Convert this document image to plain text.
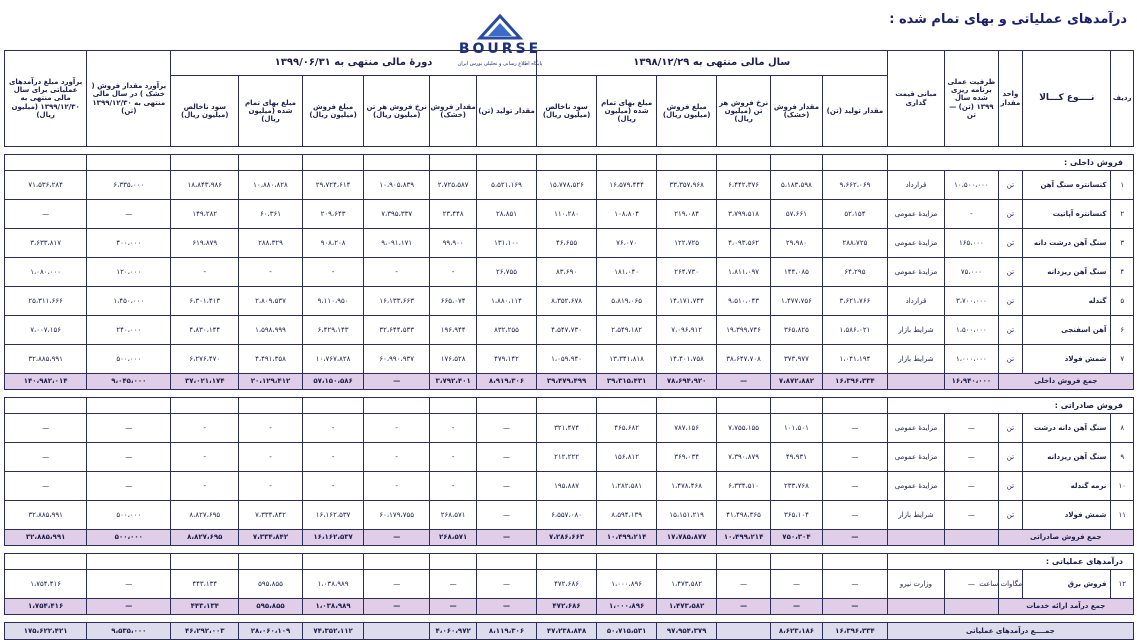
BOURSE
پایگاه اطلاع رسانی و تحلیلی بورس ایران
درآمدهای عملیاتی و بهای تمام شده :
ردیف	نــــوع کـــالا	واحد مقدار	ظرفیت عملی برنامه ریزی شده سال ۱۳۹۹ (تن) — تن	مبانی قیمت گذاری	سال مالی منتهی به ۱۳۹۸/۱۲/۲۹						دورهٔ مالی منتهی به ۱۳۹۹/۰۶/۳۱						برآورد مقدار فروش ( خشک ) در سال مالی منتهی به ۱۳۹۹/۱۲/۳۰ (تن)	برآورد مبلغ درآمدهای عملیاتی برای سال مالی منتهی به ۱۳۹۹/۱۲/۳۰ (میلیون ریال)
					مقدار تولید (تن)	مقدار فروش (خشک)	نرخ فروش هر تن (میلیون ریال)	مبلغ فروش (میلیون ریال)	مبلغ بهای تمام شده (میلیون ریال)	سود ناخالص (میلیون ریال)	مقدار تولید (تن)	مقدار فروش (خشک)	نرخ فروش هر تن (میلیون ریال)	مبلغ فروش (میلیون ریال)	مبلغ بهای تمام شده (میلیون ریال)	سود ناخالص (میلیون ریال)		

فروش داخلی :																		
۱	کنسانتره سنگ آهن	تن	۱۰،۵۰۰،۰۰۰	قرارداد	۹،۶۶۲،۰۶۹	۵،۱۸۳،۵۹۸	۶،۴۴۲،۳۷۶	۳۳،۳۵۷،۹۶۸	۱۶،۵۷۹،۴۴۴	۱۵،۷۷۸،۵۲۶	۵،۵۲۱،۱۶۹	۲،۷۲۵،۵۸۷	۱۰،۹۰۵،۸۳۹	۲۹،۷۲۴،۶۱۴	۱۰،۸۸۰،۸۲۸	۱۸،۸۴۳،۹۸۶	۶،۳۳۵،۰۰۰	۷۱،۵۳۶،۲۸۴
۲	کنسانتره آپاتیت	تن	-	مزایدهٔ عمومی	۵۲،۱۵۴	۵۷،۶۶۱	۳،۷۹۹،۵۱۸	۲۱۹،۰۸۴	۱۰۸،۸۰۴	۱۱۰،۲۸۰	۲۸،۸۵۱	۲۳،۴۴۸	۷،۳۹۵،۳۳۷	۲۰۹،۶۴۳	۶۰،۳۶۱	۱۴۹،۲۸۲	—	—
۳	سنگ آهن درشت دانه	تن	۱۶۵،۰۰۰	مزایدهٔ عمومی	۲۸۸،۷۲۵	۲۹،۹۸۰	۴،۰۹۳،۵۶۲	۱۲۲،۷۲۵	۷۶،۰۷۰	۴۶،۶۵۵	۱۳۱،۱۰۰	۹۹،۹۰۰	۹،۰۹۱،۱۷۱	۹۰۸،۲۰۸	۲۸۸،۳۲۹	۶۱۹،۸۷۹	۴۰۰،۰۰۰	۳،۶۳۳،۸۱۷
۴	سنگ آهن ریزدانه	تن	۷۵،۰۰۰	مزایدهٔ عمومی	۶۴،۲۹۵	۱۴۴،۰۸۵	۱،۸۱۱،۰۹۷	۲۶۴،۷۳۰	۱۸۱،۰۴۰	۸۳،۶۹۰	۲۶،۷۵۵	-	-	-	-	-	۱۲۰،۰۰۰	۱،۰۸۰،۰۰۰
۵	گندله	تن	۳،۷۰۰،۰۰۰	قرارداد	۳،۶۲۱،۷۶۶	۱،۴۷۷،۷۵۶	۹،۵۱۰،۰۴۳	۱۴،۱۷۱،۷۴۴	۵،۸۱۹،۰۶۵	۸،۳۵۲،۶۷۸	۱،۸۸۰،۱۱۴	۶۶۵،۰۷۴	۱۶،۱۳۳،۶۶۳	۹،۱۱۰،۹۵۰	۲،۸۰۹،۵۳۷	۶،۳۰۱،۴۱۳	۱،۴۵۰،۰۰۰	۲۵،۳۱۱،۶۶۶
۶	آهن اسفنجی	تن	۱،۵۰۰،۰۰۰	شرایط بازار	۱،۵۸۶،۰۲۱	۳۶۵،۸۲۵	۱۹،۳۹۹،۷۴۶	۷،۰۹۶،۹۱۲	۲،۵۴۹،۱۸۲	۴،۵۴۷،۷۳۰	۸۳۲،۲۵۵	۱۹۶،۹۴۴	۳۲،۶۴۴،۵۳۳	۶،۴۲۹،۱۴۳	۱،۵۹۸،۹۹۹	۴،۸۳۰،۱۴۴	۲۴۰،۰۰۰	۷،۰۰۷،۱۵۶
۷	شمش فولاد	تن	۱،۰۰۰،۰۰۰	شرایط بازار	۱،۰۴۱،۱۹۴	۳۷۳،۹۷۷	۳۸،۶۴۷،۷۰۸	۱۴،۴۰۱،۷۵۸	۱۳،۳۴۱،۸۱۸	۱،۰۵۹،۹۴۰	۴۷۹،۱۴۲	۱۷۶،۵۲۸	۶۰،۹۹۰،۹۳۷	۱۰،۷۶۷،۸۲۸	۴،۴۹۱،۳۵۸	۶،۲۷۶،۴۷۰	۵۰۰،۰۰۰	۳۲،۸۸۵،۹۹۱
جمع فروش داخلی			۱۶،۹۴۰،۰۰۰		۱۶،۳۹۶،۳۳۴	۷،۸۷۲،۸۸۲	—	۷۸،۶۹۴،۹۲۰	۳۹،۳۱۵،۴۳۱	۳۹،۴۷۹،۴۹۹	۸،۹۱۹،۳۰۶	۳،۷۹۲،۴۰۱	—	۵۷،۱۵۰،۵۸۶	۲۰،۱۲۹،۴۱۲	۳۷،۰۲۱،۱۷۴	۹،۰۴۵،۰۰۰	۱۴۰،۹۸۲،۰۱۴

فروش صادراتی :																		
۸	سنگ آهن دانه درشت	تن	—	مزایدهٔ عمومی	—	۱۰۱،۵۰۱	۷،۷۵۵،۱۵۵	۷۸۷،۱۵۶	۴۶۵،۶۸۲	۳۲۱،۴۷۴	—	-	-	-	-	-	—	—
۹	سنگ آهن ریزدانه	تن	—	مزایدهٔ عمومی	—	۴۹،۹۳۱	۷،۳۹۰،۸۷۹	۳۶۹،۰۳۴	۱۵۶،۸۱۲	۲۱۲،۲۲۲	—	-	-	-	-	-	—	—
۱۰	نرمه گندله	تن	—	مزایدهٔ عمومی	—	۲۳۳،۷۶۸	۶،۳۳۴،۵۱۰	۱،۴۷۸،۴۶۸	۱،۲۸۲،۵۸۱	۱۹۵،۸۸۷	—	-	-	-	-	-	—	—
۱۱	شمش فولاد	تن	—	شرایط بازار	—	۳۶۵،۱۰۴	۴۱،۴۹۸،۳۶۵	۱۵،۱۵۱،۲۱۹	۸،۵۹۴،۱۳۹	۶،۵۵۷،۰۸۰	—	۲۶۸،۵۷۱	۶۰،۱۷۹،۷۵۵	۱۶،۱۶۲،۵۳۷	۷،۳۳۴،۸۴۲	۸،۸۲۷،۶۹۵	۵۰۰،۰۰۰	۳۲،۸۸۵،۹۹۱
جمع فروش صادراتی					—	۷۵۰،۳۰۴	۱۰،۴۹۹،۲۱۴	۱۷،۷۸۵،۸۷۷	۱۰،۴۹۹،۲۱۴	۷،۲۸۶،۶۶۳	—	۲۶۸،۵۷۱	—	۱۶،۱۶۲،۵۳۷	۷،۳۳۴،۸۴۲	۸،۸۲۷،۶۹۵	۵۰۰،۰۰۰	۳۲،۸۸۵،۹۹۱

درآمدهای عملیاتی :																		
۱۲	فروش برق	مگاوات ساعت	—	وزارت نیرو	—	—	—	۱،۴۷۳،۵۸۲	۱،۰۰۰،۸۹۶	۴۷۲،۶۸۶	—	—	—	۱،۰۳۸،۹۸۹	۵۹۵،۸۵۵	۴۴۳،۱۳۴	—	۱،۷۵۴،۴۱۶
جمع درآمد ارائه خدمات					—	—	—	۱،۴۷۳،۵۸۲	۱،۰۰۰،۸۹۶	۴۷۲،۶۸۶	—	—	—	۱،۰۳۸،۹۸۹	۵۹۵،۸۵۵	۴۴۳،۱۳۴	—	۱،۷۵۴،۴۱۶

جمــــع درآمدهای عملیاتی					۱۶،۳۹۶،۳۳۴	۸،۶۲۳،۱۸۶		۹۷،۹۵۴،۳۷۹	۵۰،۷۱۵،۵۳۱	۴۷،۲۳۸،۸۴۸	۸،۱۱۹،۳۰۶	۴،۰۶۰،۹۷۲		۷۴،۳۵۲،۱۱۲	۲۸،۰۶۰،۱۰۹	۴۶،۲۹۲،۰۰۳	۹،۵۳۵،۰۰۰	۱۷۵،۶۲۲،۴۲۱
